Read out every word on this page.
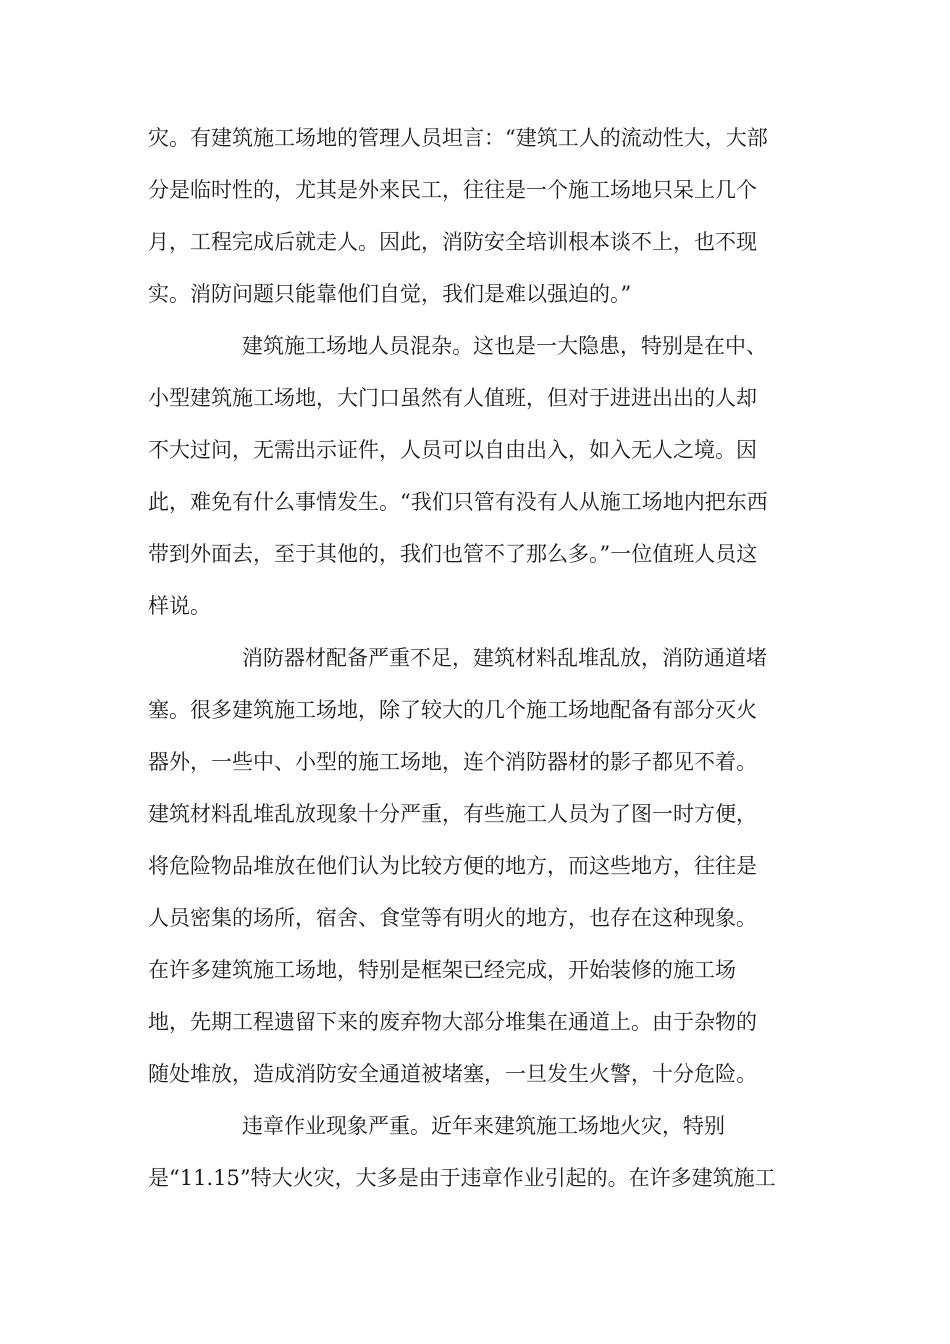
灾。有建筑施工场地的管理人员坦言：“建筑工人的流动性大，大部
分是临时性的，尤其是外来民工，往往是一个施工场地只呆上几个
月，工程完成后就走人。因此，消防安全培训根本谈不上，也不现
实。消防问题只能靠他们自觉，我们是难以强迫的。”
建筑施工场地人员混杂。这也是一大隐患，特别是在中、
小型建筑施工场地，大门口虽然有人值班，但对于进进出出的人却
不大过问，无需出示证件，人员可以自由出入，如入无人之境。因
此，难免有什么事情发生。“我们只管有没有人从施工场地内把东西
带到外面去，至于其他的，我们也管不了那么多。”一位值班人员这
样说。
消防器材配备严重不足，建筑材料乱堆乱放，消防通道堵
塞。很多建筑施工场地，除了较大的几个施工场地配备有部分灭火
器外，一些中、小型的施工场地，连个消防器材的影子都见不着。
建筑材料乱堆乱放现象十分严重，有些施工人员为了图一时方便，
将危险物品堆放在他们认为比较方便的地方，而这些地方，往往是
人员密集的场所，宿舍、食堂等有明火的地方，也存在这种现象。
在许多建筑施工场地，特别是框架已经完成，开始装修的施工场
地，先期工程遗留下来的废弃物大部分堆集在通道上。由于杂物的
随处堆放，造成消防安全通道被堵塞，一旦发生火警，十分危险。
违章作业现象严重。近年来建筑施工场地火灾，特别
是“11.15”特大火灾，大多是由于违章作业引起的。在许多建筑施工
